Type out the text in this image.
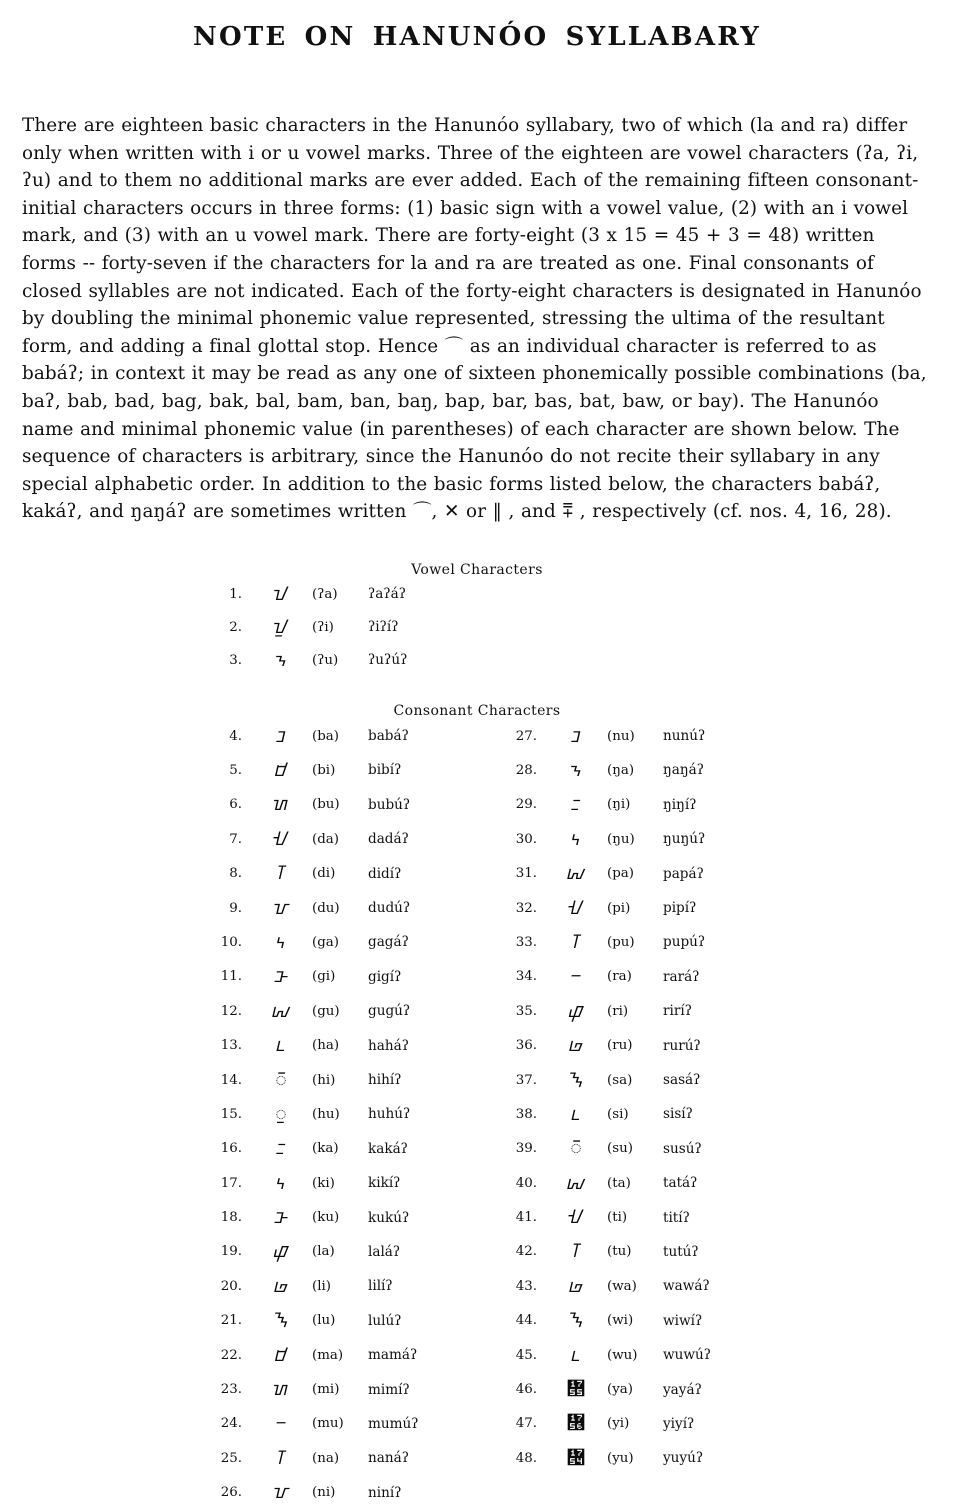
NOTE ON HANUNÓO SYLLABARY

There are eighteen basic characters in the Hanunóo syllabary, two of which (la and ra) differ only when written with i or u vowel marks. Three of the eighteen are vowel characters (ʔa, ʔi, ʔu) and to them no additional marks are ever added. Each of the remaining fifteen consonant-initial characters occurs in three forms: (1) basic sign with a vowel value, (2) with an i vowel mark, and (3) with an u vowel mark. There are forty-eight (3 x 15 = 45 + 3 = 48) written forms -- forty-seven if the characters for la and ra are treated as one. Final consonants of closed syllables are not indicated. Each of the forty-eight characters is designated in Hanunóo by doubling the minimal phonemic value represented, stressing the ultima of the resultant form, and adding a final glottal stop. Hence ⌒ as an individual character is referred to as babáʔ; in context it may be read as any one of sixteen phonemically possible combinations (ba, baʔ, bab, bad, bag, bak, bal, bam, ban, baŋ, bap, bar, bas, bat, baw, or bay). The Hanunóo name and minimal phonemic value (in parentheses) of each character are shown below. The sequence of characters is arbitrary, since the Hanunóo do not recite their syllabary in any special alphabetic order. In addition to the basic forms listed below, the characters babáʔ, kakáʔ, and ŋaŋáʔ are sometimes written ⌒, ✕ or ‖ , and ⩱ , respectively (cf. nos. 4, 16, 28).

Vowel Characters
1.	ᝀ	(ʔa)	ʔaʔáʔ
2.	ᝁ	(ʔi)	ʔiʔíʔ
3.	ᝂ	(ʔu)	ʔuʔúʔ
Consonant Characters
4.	ᝊ	(ba)	babáʔ
5.	ᝋ	(bi)	bibíʔ
6.	ᝌ	(bu)	bubúʔ
7.	ᝇ	(da)	dadáʔ
8.	ᝈ	(di)	didíʔ
9.	ᝉ	(du)	dudúʔ
10.	ᝄ	(ga)	gagáʔ
11.	ᝅ	(gi)	gigíʔ
12.	ᝆ	(gu)	gugúʔ
13.	ᝑ	(ha)	haháʔ
14.	ᝒ	(hi)	hihíʔ
15.	ᝓ	(hu)	huhúʔ
16.	ᝃ	(ka)	kakáʔ
17.	ᝄ	(ki)	kikíʔ
18.	ᝅ	(ku)	kukúʔ
19.	ᝎ	(la)	laláʔ
20.	ᝏ	(li)	lilíʔ
21.	ᝐ	(lu)	lulúʔ
22.	ᝋ	(ma)	mamáʔ
23.	ᝌ	(mi)	mimíʔ
24.	ᝍ	(mu)	mumúʔ
25.	ᝈ	(na)	nanáʔ
26.	ᝉ	(ni)	niníʔ
27.	ᝊ	(nu)	nunúʔ
28.	ᝂ	(ŋa)	ŋaŋáʔ
29.	ᝃ	(ŋi)	ŋiŋíʔ
30.	ᝄ	(ŋu)	ŋuŋúʔ
31.	ᝆ	(pa)	papáʔ
32.	ᝇ	(pi)	pipíʔ
33.	ᝈ	(pu)	pupúʔ
34.	ᝍ	(ra)	raráʔ
35.	ᝎ	(ri)	riríʔ
36.	ᝏ	(ru)	rurúʔ
37.	ᝐ	(sa)	sasáʔ
38.	ᝑ	(si)	sisíʔ
39.	ᝒ	(su)	susúʔ
40.	ᝆ	(ta)	tatáʔ
41.	ᝇ	(ti)	titíʔ
42.	ᝈ	(tu)	tutúʔ
43.	ᝏ	(wa)	wawáʔ
44.	ᝐ	(wi)	wiwíʔ
45.	ᝑ	(wu)	wuwúʔ
46.	᝕	(ya)	yayáʔ
47.	᝖	(yi)	yiyíʔ
48.	᝔	(yu)	yuyúʔ
